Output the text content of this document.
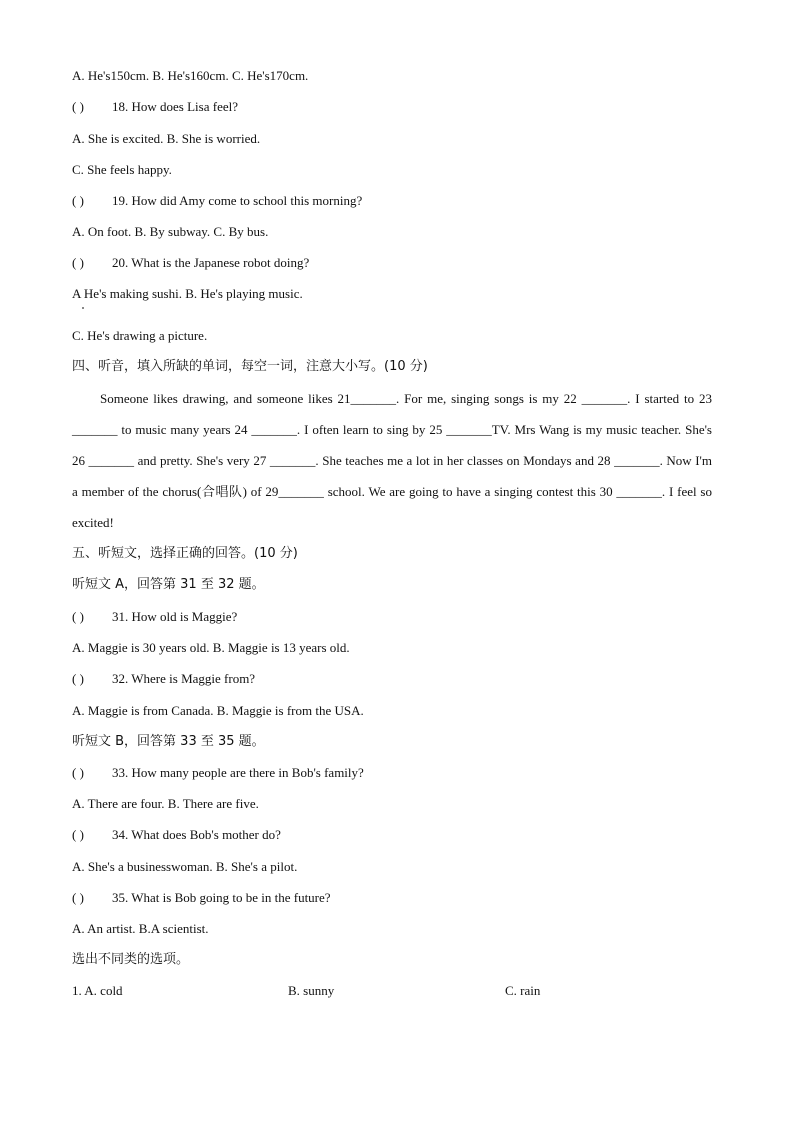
A. He's150cm. B. He's160cm. C. He's170cm.
( ) 18. How does Lisa feel?
A. She is excited. B. She is worried.
C. She feels happy.
( ) 19. How did Amy come to school this morning?
A. On foot. B. By subway. C. By bus.
( ) 20. What is the Japanese robot doing?
A He's making sushi. B. He's playing music.
C. He's drawing a picture.
四、听音，填入所缺的单词，每空一词，注意大小写。(10 分)
Someone likes drawing, and someone likes 21_______. For me, singing songs is my 22 _______. I started to 23 _______ to music many years 24 _______. I often learn to sing by 25 _______TV. Mrs Wang is my music teacher. She's 26 _______ and pretty. She's very 27 _______. She teaches me a lot in her classes on Mondays and 28 _______. Now I'm a member of the chorus(合唱队) of 29_______ school. We are going to have a singing contest this 30 _______. I feel so excited!
五、听短文，选择正确的回答。(10 分)
听短文 A，回答第 31 至 32 题。
( ) 31. How old is Maggie?
A. Maggie is 30 years old. B. Maggie is 13 years old.
( ) 32. Where is Maggie from?
A. Maggie is from Canada. B. Maggie is from the USA.
听短文 B，回答第 33 至 35 题。
( ) 33. How many people are there in Bob's family?
A. There are four. B. There are five.
( ) 34. What does Bob's mother do?
A. She's a businesswoman. B. She's a pilot.
( ) 35. What is Bob going to be in the future?
A. An artist. B.A scientist.
选出不同类的选项。
1. A. cold	B. sunny	C. rain
